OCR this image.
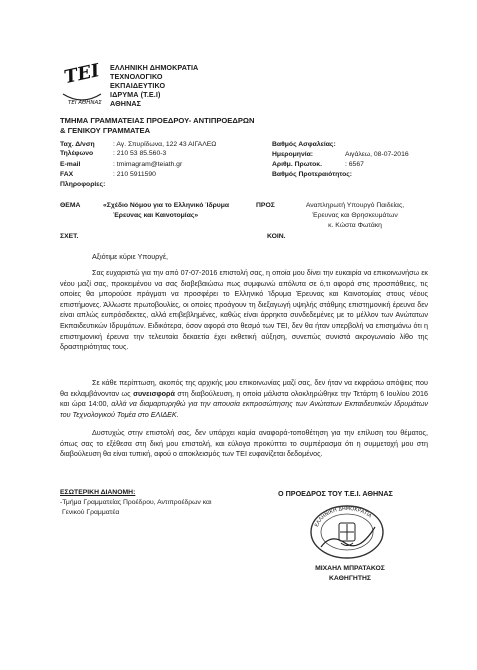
ΤΕΙ
ΤΕΙ ΑΘΗΝΑΣ
ΕΛΛΗΝΙΚΗ ΔΗΜΟΚΡΑΤΙΑ
ΤΕΧΝΟΛΟΓΙΚΟ
ΕΚΠΑΙΔΕΥΤΙΚΟ
ΙΔΡΥΜΑ (Τ.Ε.Ι)
ΑΘΗΝΑΣ
ΤΜΗΜΑ ΓΡΑΜΜΑΤΕΙΑΣ ΠΡΟΕΔΡΟΥ- ΑΝΤΙΠΡΟΕΔΡΩΝ
& ΓΕΝΙΚΟΥ ΓΡΑΜΜΑΤΕΑ
Ταχ. Δ/νση	: Αγ. Σπυρίδωνα, 122 43 ΑΙΓΑΛΕΩ
Τηλέφωνο	: 210 53 85.560-3
E-mail	: tmimagram@teiath.gr
FAX	: 210 5911590
Πληροφορίες:
Βαθμός Ασφαλείας:
Ημερομηνία:	Αιγάλεω, 08-07-2016
Αριθμ. Πρωτοκ.	: 6567
Βαθμός Προτεραιότητος:
ΘΕΜΑ	«Σχέδιο Νόμου για το Ελληνικό Ίδρυμα
Έρευνας και Καινοτομίας»
ΠΡΟΣ	Αναπληρωτή Υπουργό Παιδείας,
Έρευνας και Θρησκευμάτων
κ. Κώστα Φωτάκη
ΣΧΕΤ.	ΚΟΙΝ.
Αξιότιμε κύριε Υπουργέ,
Σας ευχαριστώ για την από 07-07-2016 επιστολή σας, η οποία μου δίνει την ευκαιρία να επικοινωνήσω εκ νέου μαζί σας, προκειμένου να σας διαβεβαιώσω πως συμφωνώ απόλυτα σε ό,τι αφορά στις προσπάθειες, τις οποίες θα μπορούσε πράγματι να προσφέρει το Ελληνικό Ίδρυμα Έρευνας και Καινοτομίας στους νέους επιστήμονες. Άλλωστε πρωτοβουλίες, οι οποίες προάγουν τη διεξαγωγή υψηλής στάθμης επιστημονική έρευνα δεν είναι απλώς ευπρόσδεκτες, αλλά επιβεβλημένες, καθώς είναι άρρηκτα συνδεδεμένες με το μέλλον των Ανώτατων Εκπαιδευτικών Ιδρυμάτων. Ειδικότερα, όσον αφορά στο θεσμό των ΤΕΙ, δεν θα ήταν υπερβολή να επισημάνω ότι η επιστημονική έρευνα την τελευταία δεκαετία έχει εκθετική αύξηση, συνεπώς συνιστά ακρογωνιαίο λίθο της δραστηριότητας τους.
Σε κάθε περίπτωση, ακοπός της αρχικής μου επικοινωνίας μαζί σας, δεν ήταν να εκφράσω απόψεις που θα εκλαμβάνονταν ως συνεισφορά στη διαβούλευση, η οποία μάλιστα ολοκληρώθηκε την Τετάρτη 6 Ιουλίου 2016 και ώρα 14:00, αλλά να διαμαρτυρηθώ για την απουσία εκπροσώπησης των Ανώτατων Εκπαιδευτικών Ιδρυμάτων του Τεχνολογικού Τομέα στο ΕΛΙΔΕΚ.
Δυστυχώς στην επιστολή σας, δεν υπάρχει καμία αναφορά-τοποθέτηση για την επίλυση του θέματος, όπως σας το εξέθεσα στη δική μου επιστολή, και εύλογα προκύπτει το συμπέρασμα ότι η συμμετοχή μου στη διαβούλευση θα είναι τυπική, αφού ο αποκλεισμός των ΤΕΙ ευφανίζεται δεδομένος.
ΕΣΩΤΕΡΙΚΗ ΔΙΑΝΟΜΗ:
-Τμήμα Γραμματείας Προέδρου, Αντιπροέδρων και
Γενικού Γραμματέα
Ο ΠΡΟΕΔΡΟΣ ΤΟΥ Τ.Ε.Ι. ΑΘΗΝΑΣ
ΕΛΛΗΝΙΚΗ ΔΗΜΟΚΡΑΤΙΑ
ΜΙΧΑΗΛ ΜΠΡΑΤΑΚΟΣ
ΚΑΘΗΓΗΤΗΣ
